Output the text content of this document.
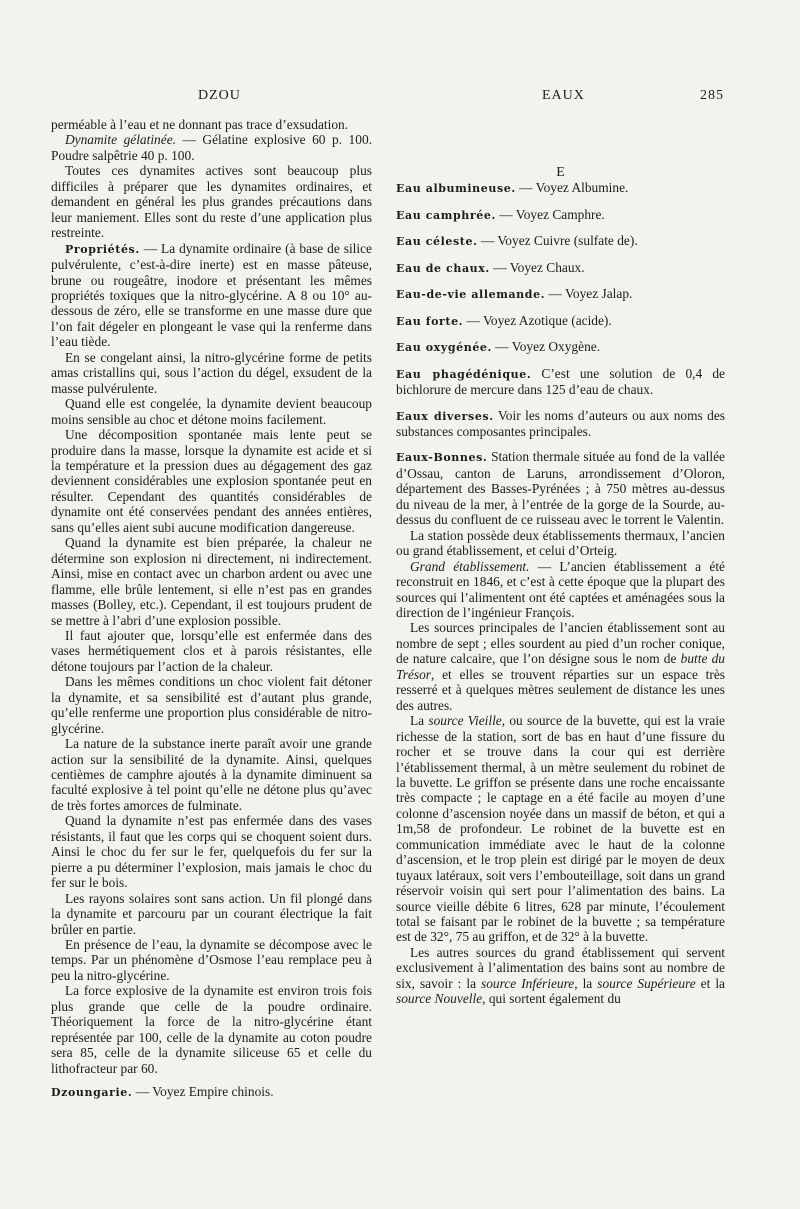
DZOU	EAUX	285

perméable à l’eau et ne donnant pas trace d’exsudation.

Dynamite gélatinée. — Gélatine explosive 60 p. 100. Poudre salpêtrie 40 p. 100.

Toutes ces dynamites actives sont beaucoup plus difficiles à préparer que les dynamites ordinaires, et demandent en général les plus grandes précautions dans leur maniement. Elles sont du reste d’une application plus restreinte.

Propriétés. — La dynamite ordinaire (à base de silice pulvérulente, c’est-à-dire inerte) est en masse pâteuse, brune ou rougeâtre, inodore et présentant les mêmes propriétés toxiques que la nitro-glycérine. A 8 ou 10° au-dessous de zéro, elle se transforme en une masse dure que l’on fait dégeler en plongeant le vase qui la renferme dans l’eau tiède.

En se congelant ainsi, la nitro-glycérine forme de petits amas cristallins qui, sous l’action du dégel, exsudent de la masse pulvérulente.

Quand elle est congelée, la dynamite devient beaucoup moins sensible au choc et détone moins facilement.

Une décomposition spontanée mais lente peut se produire dans la masse, lorsque la dynamite est acide et si la température et la pression dues au dégagement des gaz deviennent considérables une explosion spontanée peut en résulter. Cependant des quantités considérables de dynamite ont été conservées pendant des années entières, sans qu’elles aient subi aucune modification dangereuse.

Quand la dynamite est bien préparée, la chaleur ne détermine son explosion ni directement, ni indirectement. Ainsi, mise en contact avec un charbon ardent ou avec une flamme, elle brûle lentement, si elle n’est pas en grandes masses (Bolley, etc.). Cependant, il est toujours prudent de se mettre à l’abri d’une explosion possible.

Il faut ajouter que, lorsqu’elle est enfermée dans des vases hermétiquement clos et à parois résistantes, elle détone toujours par l’action de la chaleur.

Dans les mêmes conditions un choc violent fait détoner la dynamite, et sa sensibilité est d’autant plus grande, qu’elle renferme une proportion plus considérable de nitro-glycérine.

La nature de la substance inerte paraît avoir une grande action sur la sensibilité de la dynamite. Ainsi, quelques centièmes de camphre ajoutés à la dynamite diminuent sa faculté explosive à tel point qu’elle ne détone plus qu’avec de très fortes amorces de fulminate.

Quand la dynamite n’est pas enfermée dans des vases résistants, il faut que les corps qui se choquent soient durs. Ainsi le choc du fer sur le fer, quelquefois du fer sur la pierre a pu déterminer l’explosion, mais jamais le choc du fer sur le bois.

Les rayons solaires sont sans action. Un fil plongé dans la dynamite et parcouru par un courant électrique la fait brûler en partie.

En présence de l’eau, la dynamite se décompose avec le temps. Par un phénomène d’Osmose l’eau remplace peu à peu la nitro-glycérine.

La force explosive de la dynamite est environ trois fois plus grande que celle de la poudre ordinaire. Théoriquement la force de la nitro-glycérine étant représentée par 100, celle de la dynamite au coton poudre sera 85, celle de la dynamite siliceuse 65 et celle du lithofracteur par 60.

Dzoungarie. — Voyez Empire chinois.

E

Eau albumineuse. — Voyez Albumine.

Eau camphrée. — Voyez Camphre.

Eau céleste. — Voyez Cuivre (sulfate de).

Eau de chaux. — Voyez Chaux.

Eau-de-vie allemande. — Voyez Jalap.

Eau forte. — Voyez Azotique (acide).

Eau oxygénée. — Voyez Oxygène.

Eau phagédénique. C’est une solution de 0,4 de bichlorure de mercure dans 125 d’eau de chaux.

Eaux diverses. Voir les noms d’auteurs ou aux noms des substances composantes principales.

Eaux-Bonnes. Station thermale située au fond de la vallée d’Ossau, canton de Laruns, arrondissement d’Oloron, département des Basses-Pyrénées ; à 750 mètres au-dessus du niveau de la mer, à l’entrée de la gorge de la Sourde, au-dessus du confluent de ce ruisseau avec le torrent le Valentin.

La station possède deux établissements thermaux, l’ancien ou grand établissement, et celui d’Orteig.

Grand établissement. — L’ancien établissement a été reconstruit en 1846, et c’est à cette époque que la plupart des sources qui l’alimentent ont été captées et aménagées sous la direction de l’ingénieur François.

Les sources principales de l’ancien établissement sont au nombre de sept ; elles sourdent au pied d’un rocher conique, de nature calcaire, que l’on désigne sous le nom de butte du Trésor, et elles se trouvent réparties sur un espace très resserré et à quelques mètres seulement de distance les unes des autres.

La source Vieille, ou source de la buvette, qui est la vraie richesse de la station, sort de bas en haut d’une fissure du rocher et se trouve dans la cour qui est derrière l’établissement thermal, à un mètre seulement du robinet de la buvette. Le griffon se présente dans une roche encaissante très compacte ; le captage en a été facile au moyen d’une colonne d’ascension noyée dans un massif de béton, et qui a 1m,58 de profondeur. Le robinet de la buvette est en communication immédiate avec le haut de la colonne d’ascension, et le trop plein est dirigé par le moyen de deux tuyaux latéraux, soit vers l’embouteillage, soit dans un grand réservoir voisin qui sert pour l’alimentation des bains. La source vieille débite 6 litres, 628 par minute, l’écoulement total se faisant par le robinet de la buvette ; sa température est de 32°, 75 au griffon, et de 32° à la buvette.

Les autres sources du grand établissement qui servent exclusivement à l’alimentation des bains sont au nombre de six, savoir : la source Inférieure, la source Supérieure et la source Nouvelle, qui sortent également du
